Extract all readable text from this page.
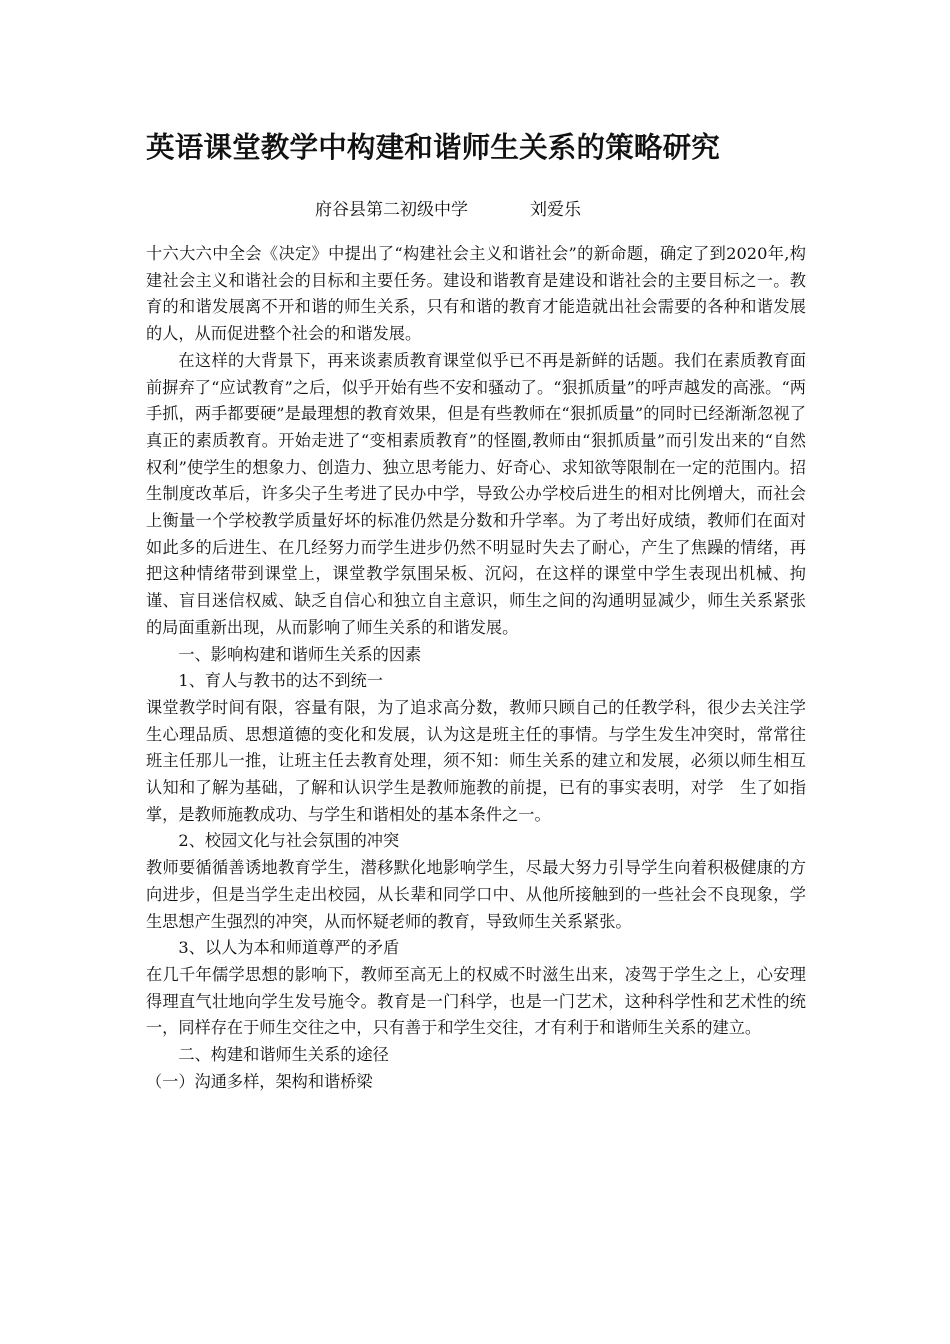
英语课堂教学中构建和谐师生关系的策略研究
府谷县第二初级中学	刘爱乐

十六大六中全会《决定》中提出了“构建社会主义和谐社会”的新命题，确定了到2020年,构建社会主义和谐社会的目标和主要任务。建设和谐教育是建设和谐社会的主要目标之一。教育的和谐发展离不开和谐的师生关系，只有和谐的教育才能造就出社会需要的各种和谐发展的人，从而促进整个社会的和谐发展。

在这样的大背景下，再来谈素质教育课堂似乎已不再是新鲜的话题。我们在素质教育面前摒弃了“应试教育”之后，似乎开始有些不安和骚动了。“狠抓质量”的呼声越发的高涨。“两手抓，两手都要硬”是最理想的教育效果，但是有些教师在“狠抓质量”的同时已经渐渐忽视了真正的素质教育。开始走进了“变相素质教育”的怪圈,教师由“狠抓质量”而引发出来的“自然权利”使学生的想象力、创造力、独立思考能力、好奇心、求知欲等限制在一定的范围内。招生制度改革后，许多尖子生考进了民办中学，导致公办学校后进生的相对比例增大，而社会上衡量一个学校教学质量好坏的标准仍然是分数和升学率。为了考出好成绩，教师们在面对如此多的后进生、在几经努力而学生进步仍然不明显时失去了耐心，产生了焦躁的情绪，再把这种情绪带到课堂上，课堂教学氛围呆板、沉闷，在这样的课堂中学生表现出机械、拘谨、盲目迷信权威、缺乏自信心和独立自主意识，师生之间的沟通明显减少，师生关系紧张的局面重新出现，从而影响了师生关系的和谐发展。

一、影响构建和谐师生关系的因素

1、育人与教书的达不到统一

课堂教学时间有限，容量有限，为了追求高分数，教师只顾自己的任教学科，很少去关注学生心理品质、思想道德的变化和发展，认为这是班主任的事情。与学生发生冲突时，常常往班主任那儿一推，让班主任去教育处理，须不知：师生关系的建立和发展，必须以师生相互认知和了解为基础，了解和认识学生是教师施教的前提，已有的事实表明，对学　生了如指掌，是教师施教成功、与学生和谐相处的基本条件之一。

2、校园文化与社会氛围的冲突

教师要循循善诱地教育学生，潜移默化地影响学生，尽最大努力引导学生向着积极健康的方向进步，但是当学生走出校园，从长辈和同学口中、从他所接触到的一些社会不良现象，学生思想产生强烈的冲突，从而怀疑老师的教育，导致师生关系紧张。

3、以人为本和师道尊严的矛盾

在几千年儒学思想的影响下，教师至高无上的权威不时滋生出来，凌驾于学生之上，心安理得理直气壮地向学生发号施令。教育是一门科学，也是一门艺术，这种科学性和艺术性的统一，同样存在于师生交往之中，只有善于和学生交往，才有利于和谐师生关系的建立。

二、构建和谐师生关系的途径

（一）沟通多样，架构和谐桥梁
